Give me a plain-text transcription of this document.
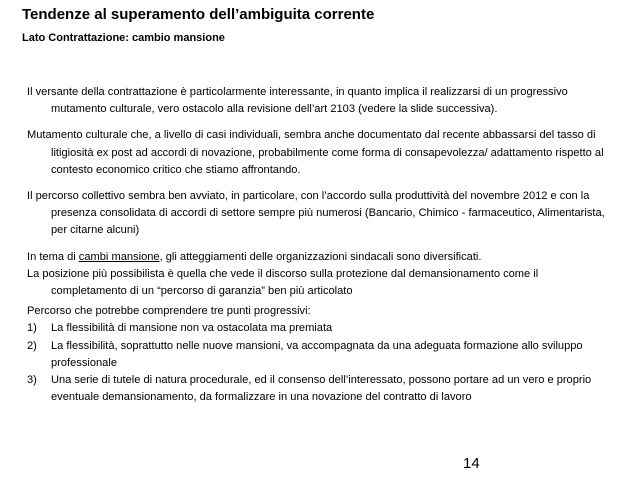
Tendenze al superamento dell’ambiguita corrente
Lato Contrattazione: cambio mansione

Il versante della contrattazione è particolarmente interessante, in quanto implica il realizzarsi di un progressivo mutamento culturale, vero ostacolo alla revisione dell’art 2103 (vedere la slide successiva).

Mutamento culturale che, a livello di casi individuali, sembra anche documentato dal recente abbassarsi del tasso di litigiosità ex post ad accordi di novazione, probabilmente come forma di consapevolezza/ adattamento rispetto al contesto economico critico che stiamo affrontando.

Il percorso collettivo sembra ben avviato, in particolare, con l’accordo sulla produttività del novembre 2012 e con la presenza consolidata di accordi di settore sempre più numerosi (Bancario, Chimico - farmaceutico, Alimentarista, per citarne alcuni)

In tema di cambi mansione, gli atteggiamenti delle organizzazioni sindacali sono diversificati.

La posizione più possibilista è quella che vede il discorso sulla protezione dal demansionamento come il completamento di un “percorso di garanzia” ben più articolato

Percorso che potrebbe comprendere tre punti progressivi:

1) La flessibilità di mansione non va ostacolata ma premiata
2) La flessibilità, soprattutto nelle nuove mansioni, va accompagnata da una adeguata formazione allo sviluppo professionale
3) Una serie di tutele di natura procedurale, ed il consenso dell’interessato, possono portare ad un vero e proprio eventuale demansionamento, da formalizzare in una novazione del contratto di lavoro
14
